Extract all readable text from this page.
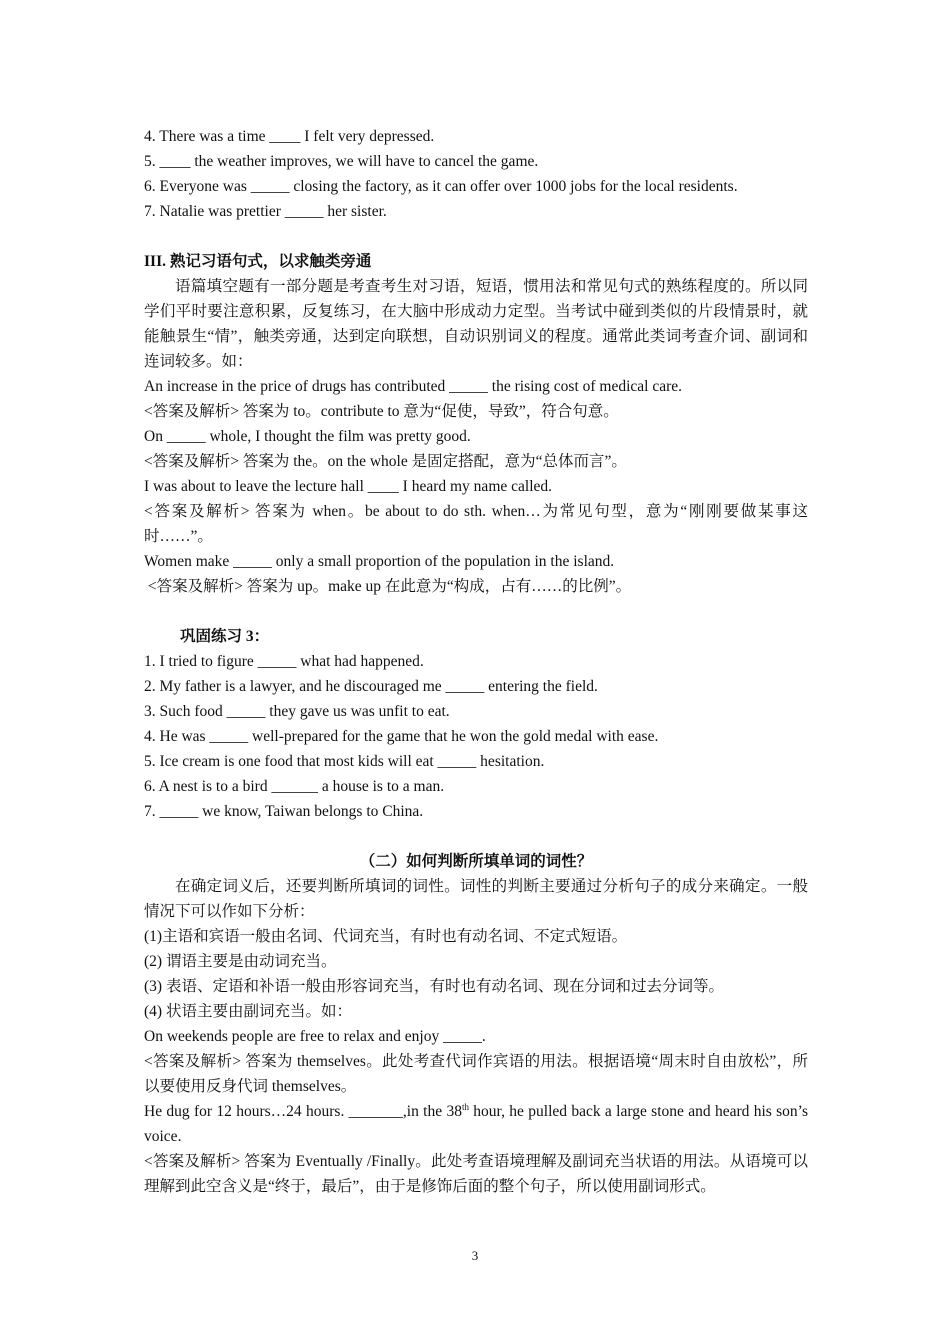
4. There was a time ____ I felt very depressed.
5. ____ the weather improves, we will have to cancel the game.
6. Everyone was _____ closing the factory, as it can offer over 1000 jobs for the local residents.
7. Natalie was prettier _____ her sister.
III. 熟记习语句式，以求触类旁通
语篇填空题有一部分题是考查考生对习语，短语，惯用法和常见句式的熟练程度的。所以同学们平时要注意积累，反复练习，在大脑中形成动力定型。当考试中碰到类似的片段情景时，就能触景生“情”，触类旁通，达到定向联想，自动识别词义的程度。通常此类词考查介词、副词和连词较多。如：
An increase in the price of drugs has contributed _____ the rising cost of medical care.
<答案及解析> 答案为 to。contribute to 意为“促使，导致”，符合句意。
On _____ whole, I thought the film was pretty good.
<答案及解析> 答案为 the。on the whole 是固定搭配，意为“总体而言”。
I was about to leave the lecture hall ____ I heard my name called.
<答案及解析> 答案为 when。be about to do sth. when…为常见句型，意为“刚刚要做某事这时……”。
Women make _____ only a small proportion of the population in the island.
<答案及解析> 答案为 up。make up 在此意为“构成，占有……的比例”。
巩固练习 3：
1. I tried to figure _____ what had happened.
2. My father is a lawyer, and he discouraged me _____ entering the field.
3. Such food _____ they gave us was unfit to eat.
4. He was _____ well-prepared for the game that he won the gold medal with ease.
5. Ice cream is one food that most kids will eat _____ hesitation.
6. A nest is to a bird ______ a house is to a man.
7. _____ we know, Taiwan belongs to China.
（二）如何判断所填单词的词性？
在确定词义后，还要判断所填词的词性。词性的判断主要通过分析句子的成分来确定。一般情况下可以作如下分析：
(1)主语和宾语一般由名词、代词充当，有时也有动名词、不定式短语。
(2) 谓语主要是由动词充当。
(3) 表语、定语和补语一般由形容词充当，有时也有动名词、现在分词和过去分词等。
(4) 状语主要由副词充当。如：
On weekends people are free to relax and enjoy _____.
<答案及解析> 答案为 themselves。此处考查代词作宾语的用法。根据语境“周末时自由放松”，所以要使用反身代词 themselves。
He dug for 12 hours…24 hours. _______,in the 38th hour, he pulled back a large stone and heard his son’s voice.
<答案及解析> 答案为 Eventually /Finally。此处考查语境理解及副词充当状语的用法。从语境可以理解到此空含义是“终于，最后”，由于是修饰后面的整个句子，所以使用副词形式。
3
